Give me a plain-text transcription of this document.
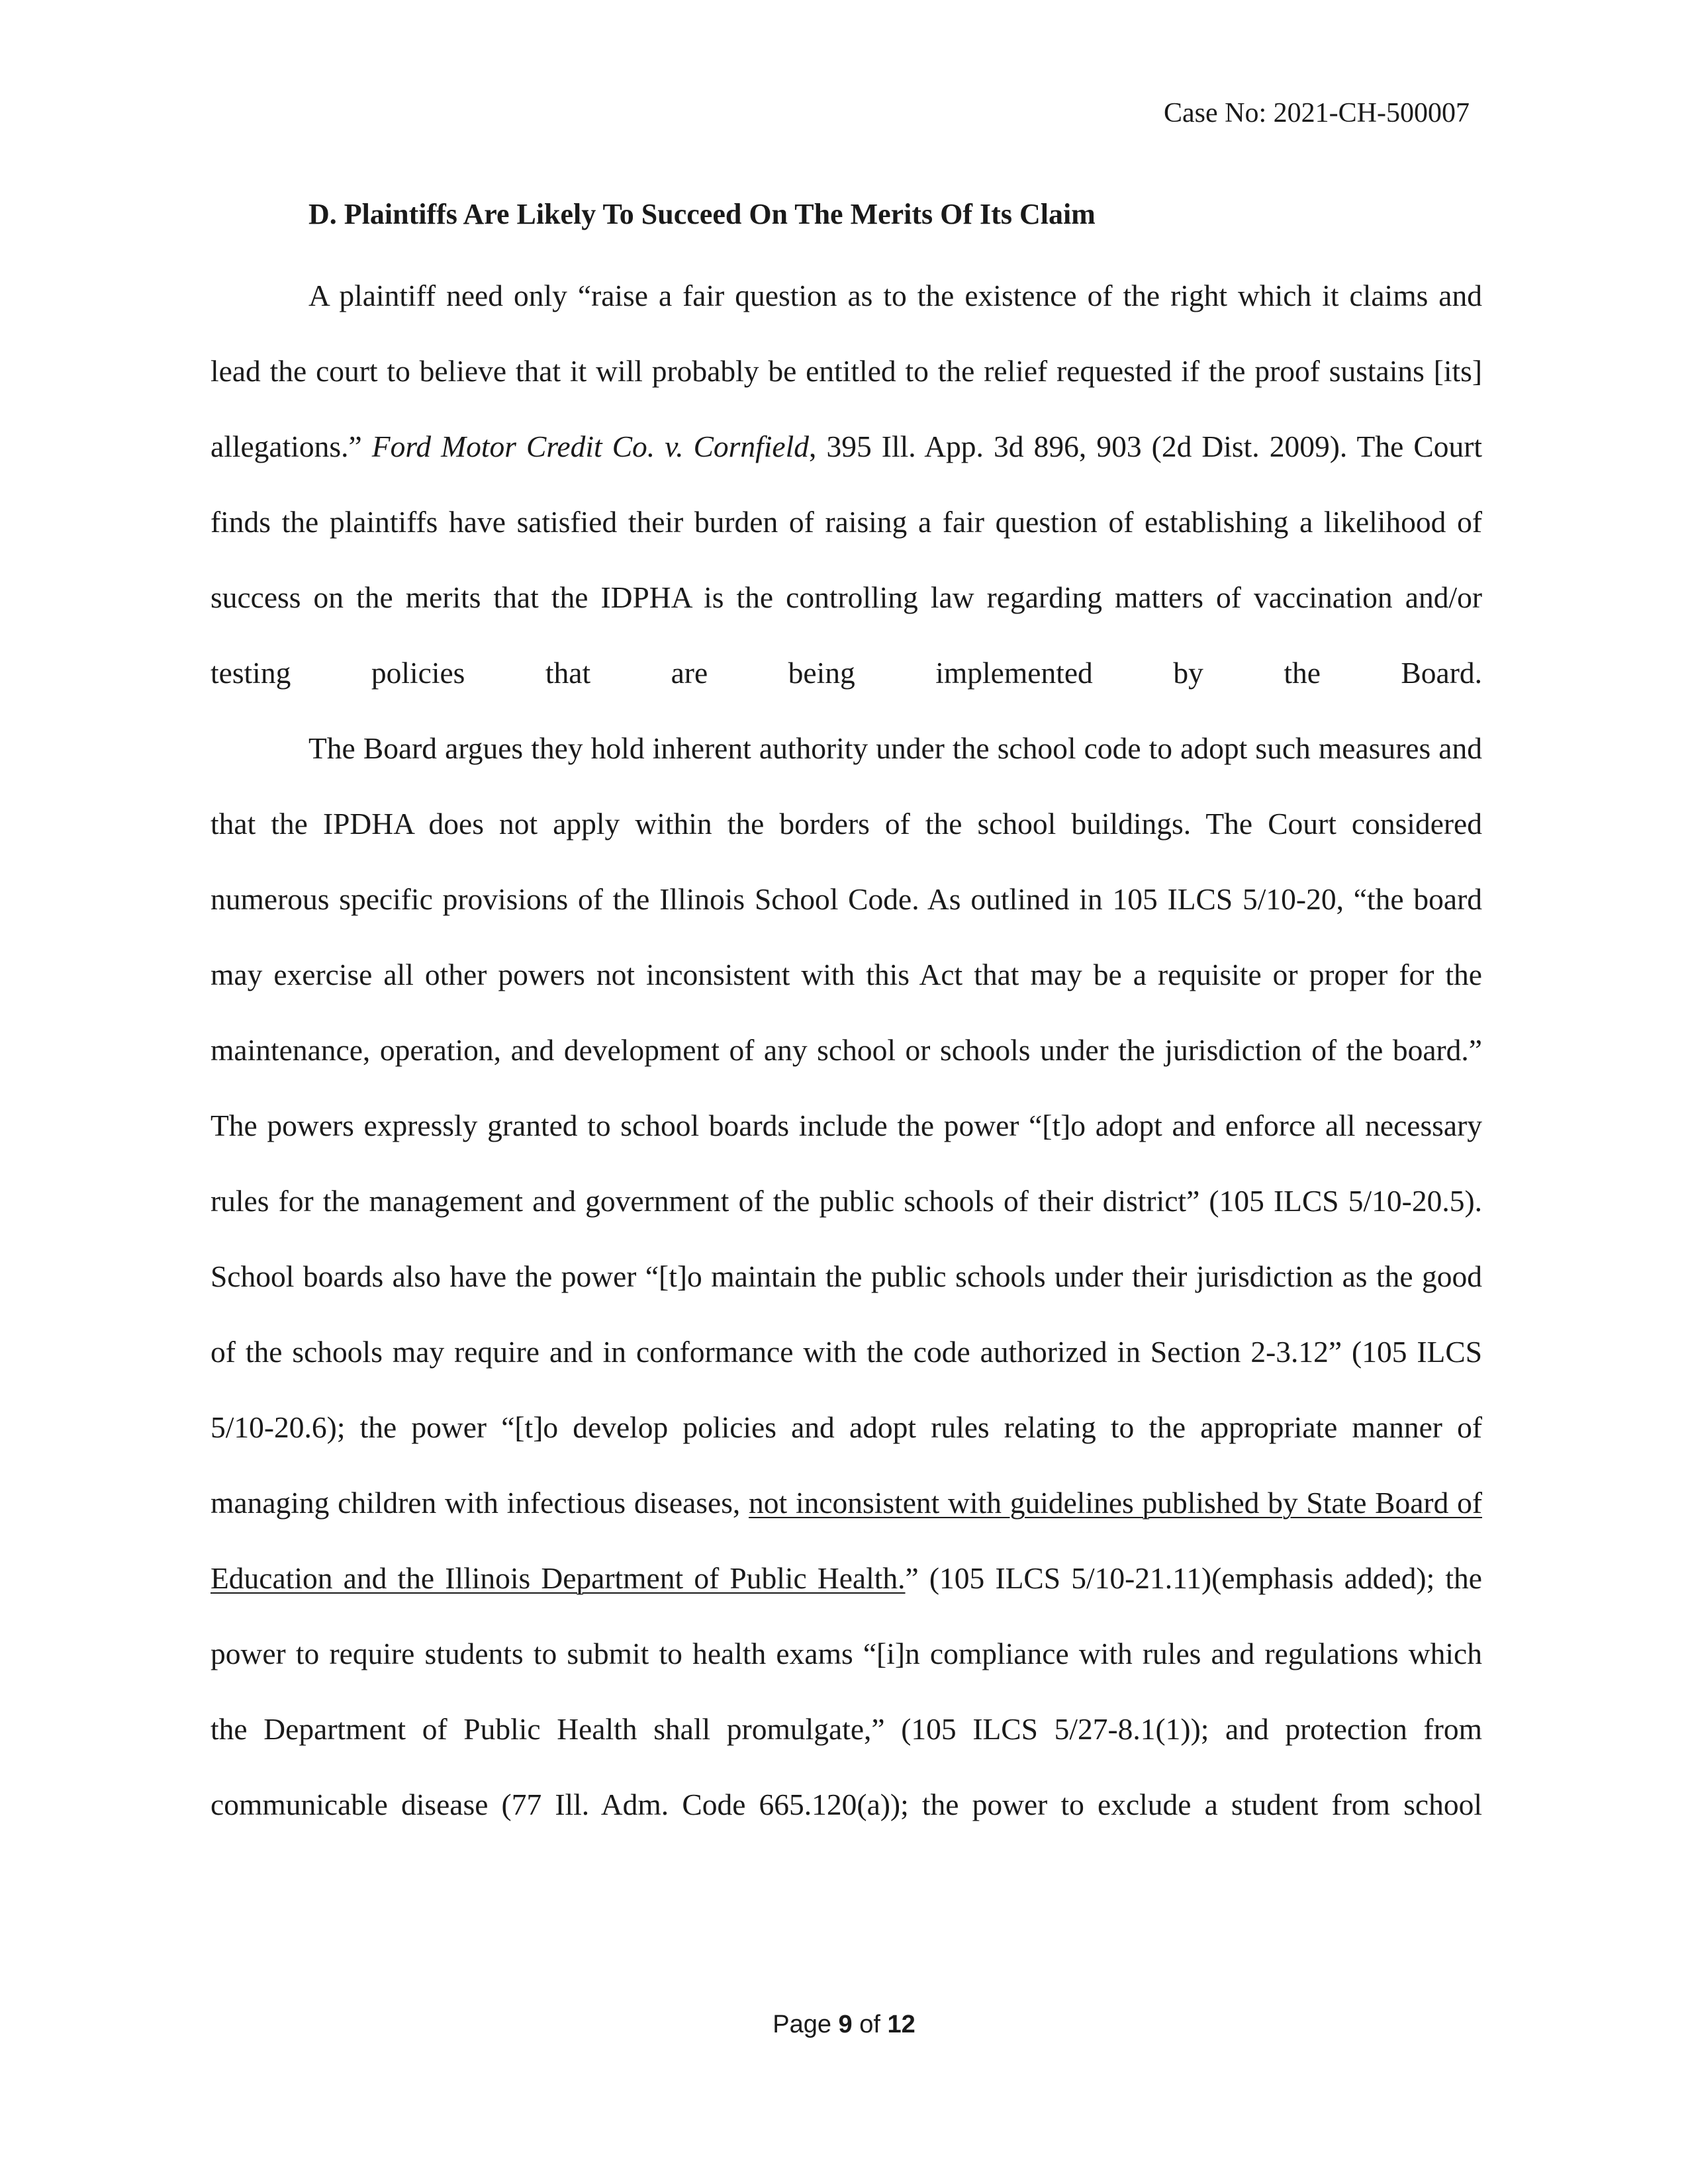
Case No: 2021-CH-500007
D. Plaintiffs Are Likely To Succeed On The Merits Of Its Claim

A plaintiff need only “raise a fair question as to the existence of the right which it claims and lead the court to believe that it will probably be entitled to the relief requested if the proof sustains [its] allegations.” Ford Motor Credit Co. v. Cornfield, 395 Ill. App. 3d 896, 903 (2d Dist. 2009). The Court finds the plaintiffs have satisfied their burden of raising a fair question of establishing a likelihood of success on the merits that the IDPHA is the controlling law regarding matters of vaccination and/or testing policies that are being implemented by the Board.

The Board argues they hold inherent authority under the school code to adopt such measures and that the IPDHA does not apply within the borders of the school buildings. The Court considered numerous specific provisions of the Illinois School Code. As outlined in 105 ILCS 5/10-20, “the board may exercise all other powers not inconsistent with this Act that may be a requisite or proper for the maintenance, operation, and development of any school or schools under the jurisdiction of the board.” The powers expressly granted to school boards include the power “[t]o adopt and enforce all necessary rules for the management and government of the public schools of their district” (105 ILCS 5/10-20.5). School boards also have the power “[t]o maintain the public schools under their jurisdiction as the good of the schools may require and in conformance with the code authorized in Section 2-3.12” (105 ILCS 5/10-20.6); the power “[t]o develop policies and adopt rules relating to the appropriate manner of managing children with infectious diseases, not inconsistent with guidelines published by State Board of Education and the Illinois Department of Public Health.” (105 ILCS 5/10-21.11)(emphasis added); the power to require students to submit to health exams “[i]n compliance with rules and regulations which the Department of Public Health shall promulgate,” (105 ILCS 5/27-8.1(1)); and protection from communicable disease (77 Ill. Adm. Code 665.120(a)); the power to exclude a student from school

Page 9 of 12
